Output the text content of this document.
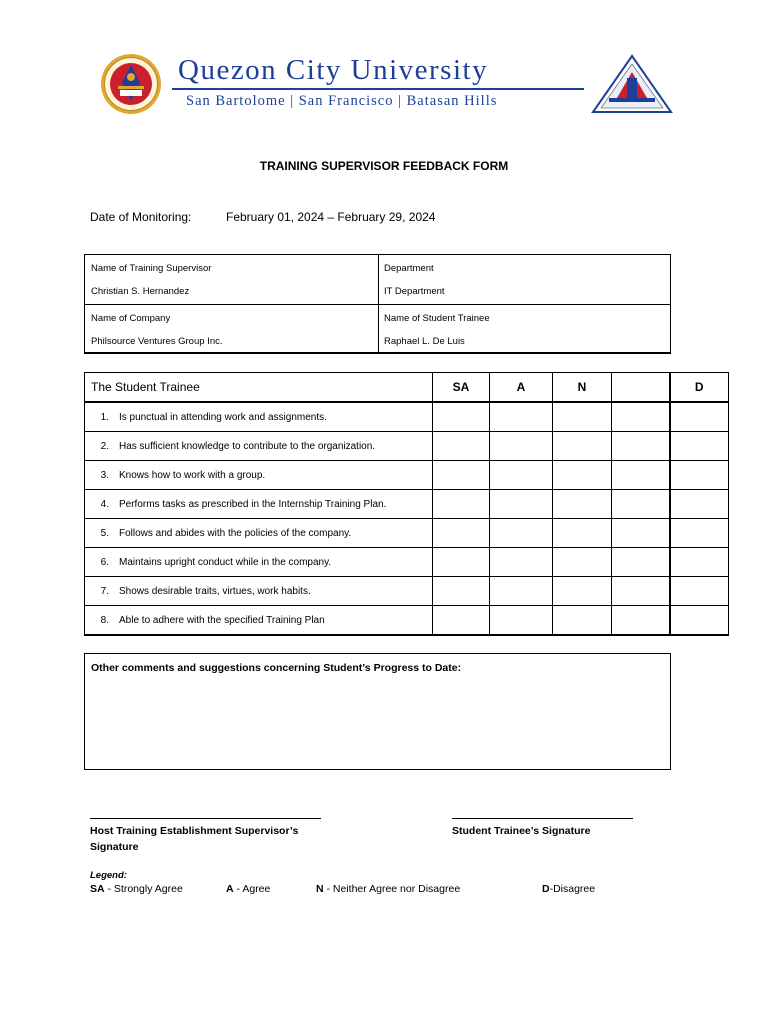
Quezon City University
San Bartolome | San Francisco | Batasan Hills
TRAINING SUPERVISOR FEEDBACK FORM
Date of Monitoring:	February 01, 2024 – February 29, 2024
Name of Training Supervisor
Christian S. Hernandez
Department
IT Department
Name of Company
Philsource Ventures Group Inc.
Name of Student Trainee
Raphael L. De Luis
The Student Trainee	SA	A	N		D
1. Is punctual in attending work and assignments.					
2. Has sufficient knowledge to contribute to the organization.					
3. Knows how to work with a group.					
4. Performs tasks as prescribed in the Internship Training Plan.					
5. Follows and abides with the policies of the company.					
6. Maintains upright conduct while in the company.					
7. Shows desirable traits, virtues, work habits.					
8. Able to adhere with the specified Training Plan					
Other comments and suggestions concerning Student’s Progress to Date:
Host Training Establishment Supervisor’s Signature
Student Trainee’s Signature
Legend:
SA - Strongly Agree	A - Agree	N - Neither Agree nor Disagree	D-Disagree
